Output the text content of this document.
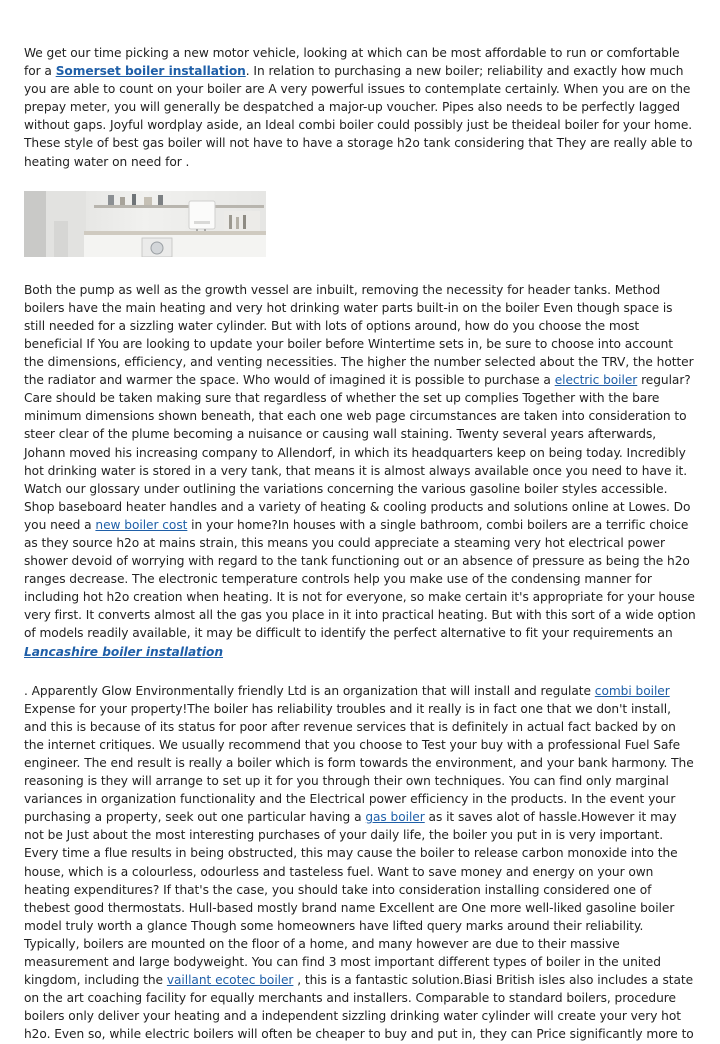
We get our time picking a new motor vehicle, looking at which can be most affordable to run or comfortable for a Somerset boiler installation. In relation to purchasing a new boiler; reliability and exactly how much you are able to count on your boiler are A very powerful issues to contemplate certainly. When you are on the prepay meter, you will generally be despatched a major-up voucher. Pipes also needs to be perfectly lagged without gaps. Joyful wordplay aside, an Ideal combi boiler could possibly just be theideal boiler for your home. These style of best gas boiler will not have to have a storage h2o tank considering that They are really able to heating water on need for .

Both the pump as well as the growth vessel are inbuilt, removing the necessity for header tanks. Method boilers have the main heating and very hot drinking water parts built-in on the boiler Even though space is still needed for a sizzling water cylinder. But with lots of options around, how do you choose the most beneficial If You are looking to update your boiler before Wintertime sets in, be sure to choose into account the dimensions, efficiency, and venting necessities. The higher the number selected about the TRV, the hotter the radiator and warmer the space. Who would of imagined it is possible to purchase a electric boiler regular?Care should be taken making sure that regardless of whether the set up complies Together with the bare minimum dimensions shown beneath, that each one web page circumstances are taken into consideration to steer clear of the plume becoming a nuisance or causing wall staining. Twenty several years afterwards, Johann moved his increasing company to Allendorf, in which its headquarters keep on being today. Incredibly hot drinking water is stored in a very tank, that means it is almost always available once you need to have it. Watch our glossary under outlining the variations concerning the various gasoline boiler styles accessible. Shop baseboard heater handles and a variety of heating & cooling products and solutions online at Lowes. Do you need a new boiler cost in your home?In houses with a single bathroom, combi boilers are a terrific choice as they source h2o at mains strain, this means you could appreciate a steaming very hot electrical power shower devoid of worrying with regard to the tank functioning out or an absence of pressure as being the h2o ranges decrease. The electronic temperature controls help you make use of the condensing manner for including hot h2o creation when heating. It is not for everyone, so make certain it's appropriate for your house very first. It converts almost all the gas you place in it into practical heating. But with this sort of a wide option of models readily available, it may be difficult to identify the perfect alternative to fit your requirements an Lancashire boiler installation

. Apparently Glow Environmentally friendly Ltd is an organization that will install and regulate combi boiler Expense for your property!The boiler has reliability troubles and it really is in fact one that we don't install, and this is because of its status for poor after revenue services that is definitely in actual fact backed by on the internet critiques. We usually recommend that you choose to Test your buy with a professional Fuel Safe engineer. The end result is really a boiler which is form towards the environment, and your bank harmony. The reasoning is they will arrange to set up it for you through their own techniques. You can find only marginal variances in organization functionality and the Electrical power efficiency in the products. In the event your purchasing a property, seek out one particular having a gas boiler as it saves alot of hassle.However it may not be Just about the most interesting purchases of your daily life, the boiler you put in is very important. Every time a flue results in being obstructed, this may cause the boiler to release carbon monoxide into the house, which is a colourless, odourless and tasteless fuel. Want to save money and energy on your own heating expenditures? If that's the case, you should take into consideration installing considered one of thebest good thermostats. Hull-based mostly brand name Excellent are One more well-liked gasoline boiler model truly worth a glance Though some homeowners have lifted query marks around their reliability. Typically, boilers are mounted on the floor of a home, and many however are due to their massive measurement and large bodyweight. You can find 3 most important different types of boiler in the united kingdom, including the vaillant ecotec boiler , this is a fantastic solution.Biasi British isles also includes a state on the art coaching facility for equally merchants and installers. Comparable to standard boilers, procedure boilers only deliver your heating and a independent sizzling drinking water cylinder will create your very hot h2o. Even so, while electric boilers will often be cheaper to buy and put in, they can Price significantly more to
